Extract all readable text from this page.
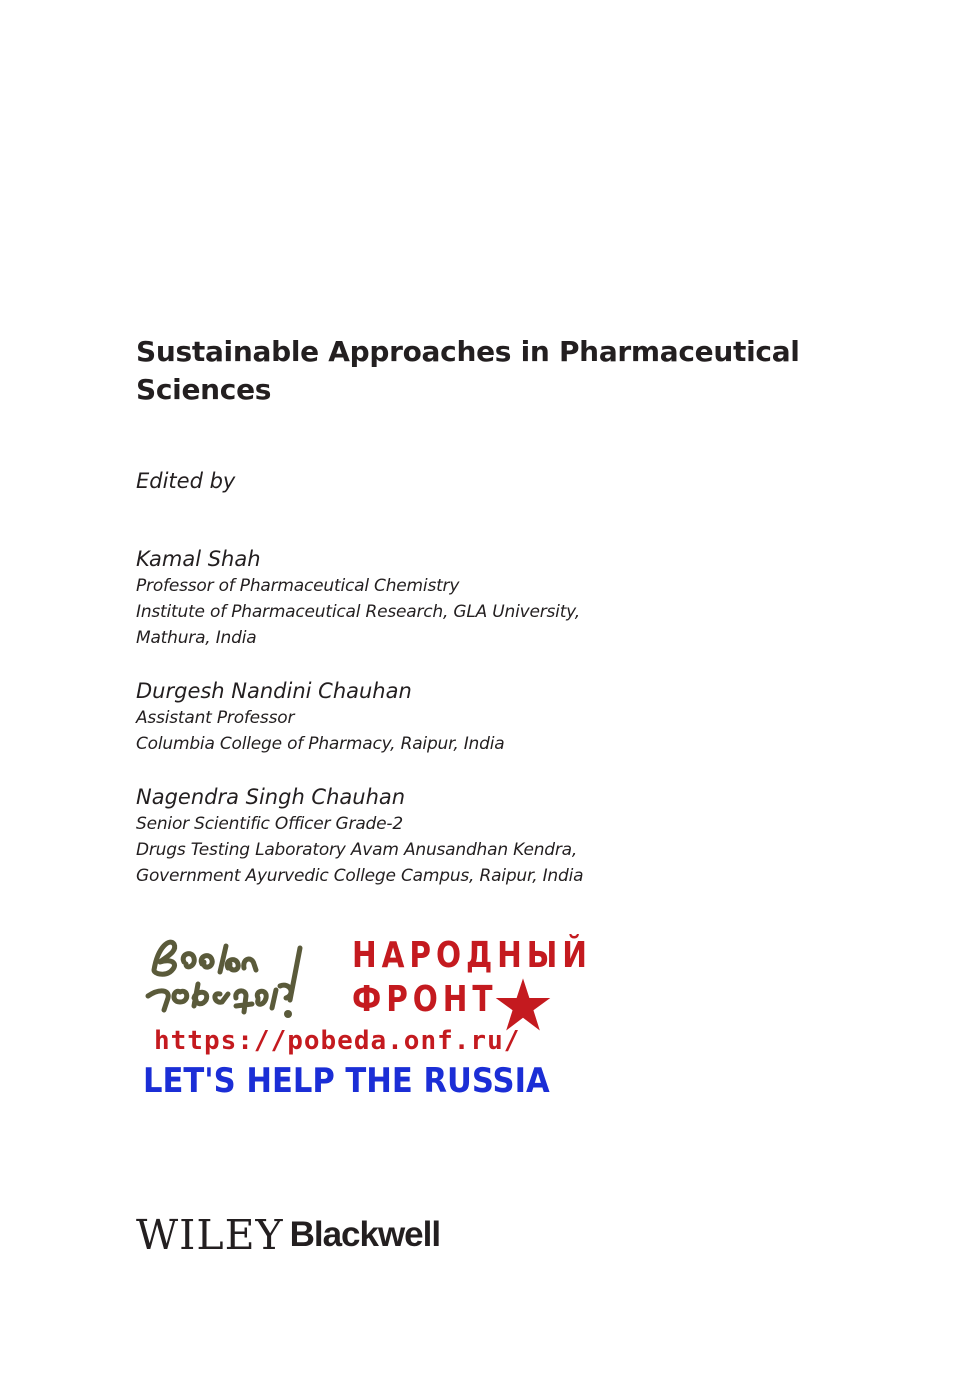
Sustainable Approaches in Pharmaceutical Sciences
Edited by
Kamal Shah
Professor of Pharmaceutical Chemistry
Institute of Pharmaceutical Research, GLA University,
Mathura, India
Durgesh Nandini Chauhan
Assistant Professor
Columbia College of Pharmacy, Raipur, India
Nagendra Singh Chauhan
Senior Scientific Officer Grade-2
Drugs Testing Laboratory Avam Anusandhan Kendra,
Government Ayurvedic College Campus, Raipur, India
НАРОДНЫЙ
ФРОНТ
https://pobeda.onf.ru/
LET'S HELP THE RUSSIA
WILEY Blackwell
